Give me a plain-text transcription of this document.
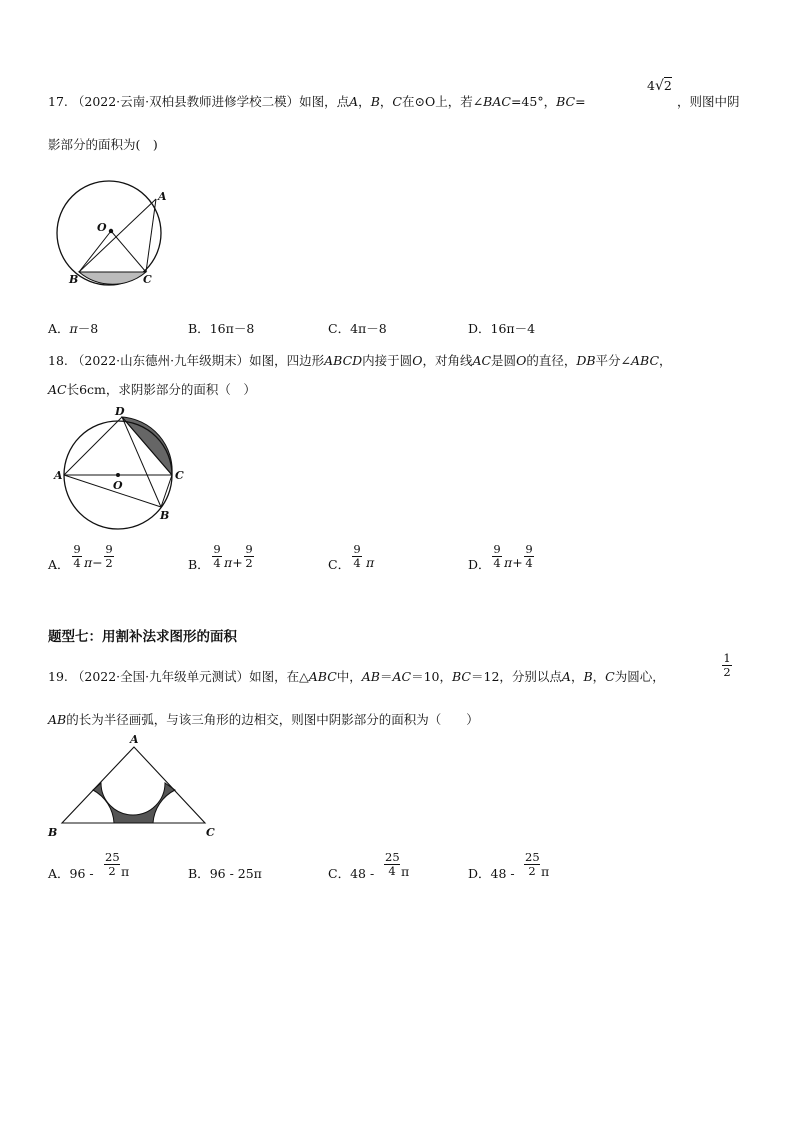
17. （2022·云南·双柏县教师进修学校二模）如图，点A，B，C在⊙O上，若∠BAC=45°，BC=
4√2
，则图中阴
影部分的面积为(　)
O
A
B	C
A．π－8	B．16π－8	C．4π－8	D．16π－4
18. （2022·山东德州·九年级期末）如图，四边形ABCD内接于圆O，对角线AC是圆O的直径，DB平分∠ABC，
AC长6cm，求阴影部分的面积（　）
A
D
C
B
O
A． $\frac{9}{4} \pi- \frac{9}{2}$	B． $\frac{9}{4} \pi+ \frac{9}{2}$	C． $\frac{9}{4}$ π	D． $\frac{9}{4} \pi+ \frac{9}{4}$
题型七：用割补法求图形的面积
19. （2022·全国·九年级单元测试）如图，在△ABC中，AB＝AC＝10，BC＝12，分别以点A，B，C为圆心，	$\frac{1}{2}$
AB的长为半径画弧，与该三角形的边相交，则图中阴影部分的面积为（　　）
A
B	C
A．$96 - \frac{25}{2}$ π	B．96 - 25π	C．$48 - \frac{25}{4}$ π	D．$48 - \frac{25}{2}$ π
